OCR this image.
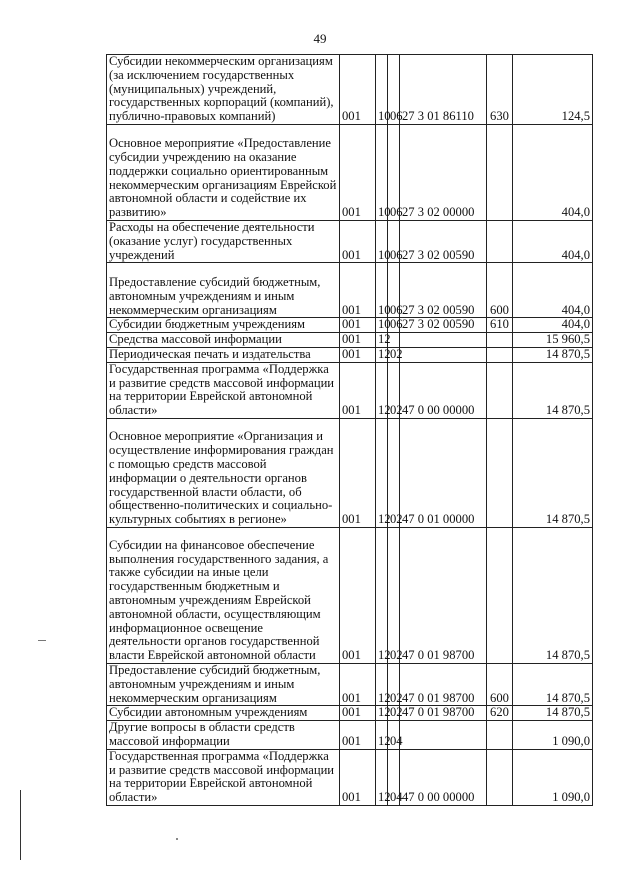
49
Субсидии некоммерческим организациям (за исключением государственных (муниципальных) учреждений, государственных корпораций (компаний), публично-правовых компаний)	001	10	06	27 3 01 86110	630	124,5
Основное мероприятие «Предоставление субсидии учреждению на оказание поддержки социально ориентированным некоммерческим организациям Еврейской автономной области и содействие их развитию»	001	10	06	27 3 02 00000		404,0
Расходы на обеспечение деятельности (оказание услуг) государственных учреждений	001	10	06	27 3 02 00590		404,0
Предоставление субсидий бюджетным, автономным учреждениям и иным некоммерческим организациям	001	10	06	27 3 02 00590	600	404,0
Субсидии бюджетным учреждениям	001	10	06	27 3 02 00590	610	404,0
Средства массовой информации	001	12				15 960,5
Периодическая печать и издательства	001	12	02			14 870,5
Государственная программа «Поддержка и развитие средств массовой информации на территории Еврейской автономной области»	001	12	02	47 0 00 00000		14 870,5
Основное мероприятие «Организация и осуществление информирования граждан с помощью средств массовой информации о деятельности органов государственной власти области, об общественно-политических и социально-культурных событиях в регионе»	001	12	02	47 0 01 00000		14 870,5
Субсидии на финансовое обеспечение выполнения государственного задания, а также субсидии на иные цели государственным бюджетным и автономным учреждениям Еврейской автономной области, осуществляющим информационное освещение деятельности органов государственной власти Еврейской автономной области	001	12	02	47 0 01 98700		14 870,5
Предоставление субсидий бюджетным, автономным учреждениям и иным некоммерческим организациям	001	12	02	47 0 01 98700	600	14 870,5
Субсидии автономным учреждениям	001	12	02	47 0 01 98700	620	14 870,5
Другие вопросы в области средств массовой информации	001	12	04			1 090,0
Государственная программа «Поддержка и развитие средств массовой информации на территории Еврейской автономной области»	001	12	04	47 0 00 00000		1 090,0
